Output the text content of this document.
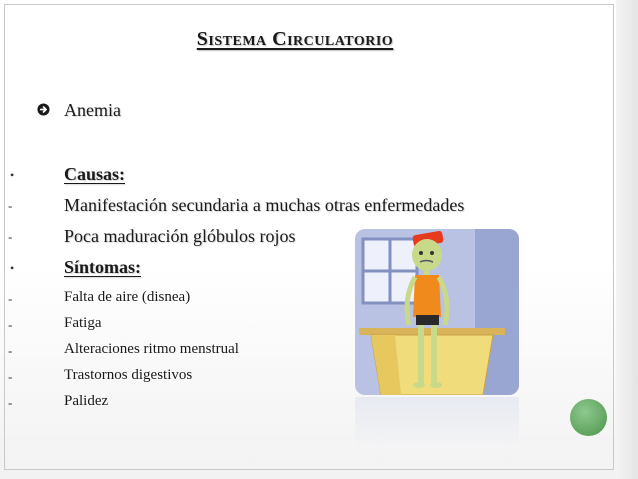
Sistema Circulatorio
Anemia
•	Causas:
-	Manifestación secundaria a muchas otras enfermedades
-	Poca maduración glóbulos rojos
•	Síntomas:
-	Falta de aire (disnea)
-	Fatiga
-	Alteraciones ritmo menstrual
-	Trastornos digestivos
-	Palidez
